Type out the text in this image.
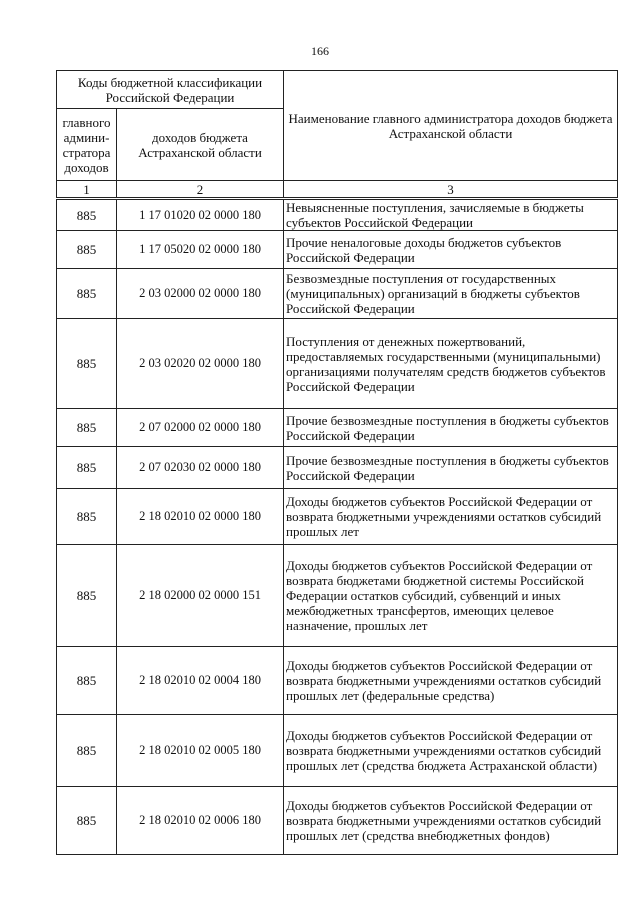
166
Коды бюджетной классификации Российской Федерации		Наименование главного администратора доходов бюджета Астраханской области
главного админи-стратора доходов	доходов бюджета Астраханской области	
1	2	3
885	1 17 01020 02 0000 180	Невыясненные поступления, зачисляемые в бюджеты субъектов Российской Федерации
885	1 17 05020 02 0000 180	Прочие неналоговые доходы бюджетов субъектов Российской Федерации
885	2 03 02000 02 0000 180	Безвозмездные поступления от государственных (муниципальных) организаций в бюджеты субъектов Российской Федерации
885	2 03 02020 02 0000 180	Поступления от денежных пожертвований, предоставляемых государственными (муниципальными) организациями получателям средств бюджетов субъектов Российской Федерации
885	2 07 02000 02 0000 180	Прочие безвозмездные поступления в бюджеты субъектов Российской Федерации
885	2 07 02030 02 0000 180	Прочие безвозмездные поступления в бюджеты субъектов Российской Федерации
885	2 18 02010 02 0000 180	Доходы бюджетов субъектов Российской Федерации от возврата бюджетными учреждениями остатков субсидий прошлых лет
885	2 18 02000 02 0000 151	Доходы бюджетов субъектов Российской Федерации от возврата бюджетами бюджетной системы Российской Федерации остатков субсидий, субвенций и иных межбюджетных трансфертов, имеющих целевое назначение, прошлых лет
885	2 18 02010 02 0004 180	Доходы бюджетов субъектов Российской Федерации от возврата бюджетными учреждениями остатков субсидий прошлых лет (федеральные средства)
885	2 18 02010 02 0005 180	Доходы бюджетов субъектов Российской Федерации от возврата бюджетными учреждениями остатков субсидий прошлых лет (средства бюджета Астраханской области)
885	2 18 02010 02 0006 180	Доходы бюджетов субъектов Российской Федерации от возврата бюджетными учреждениями остатков субсидий прошлых лет (средства внебюджетных фондов)
